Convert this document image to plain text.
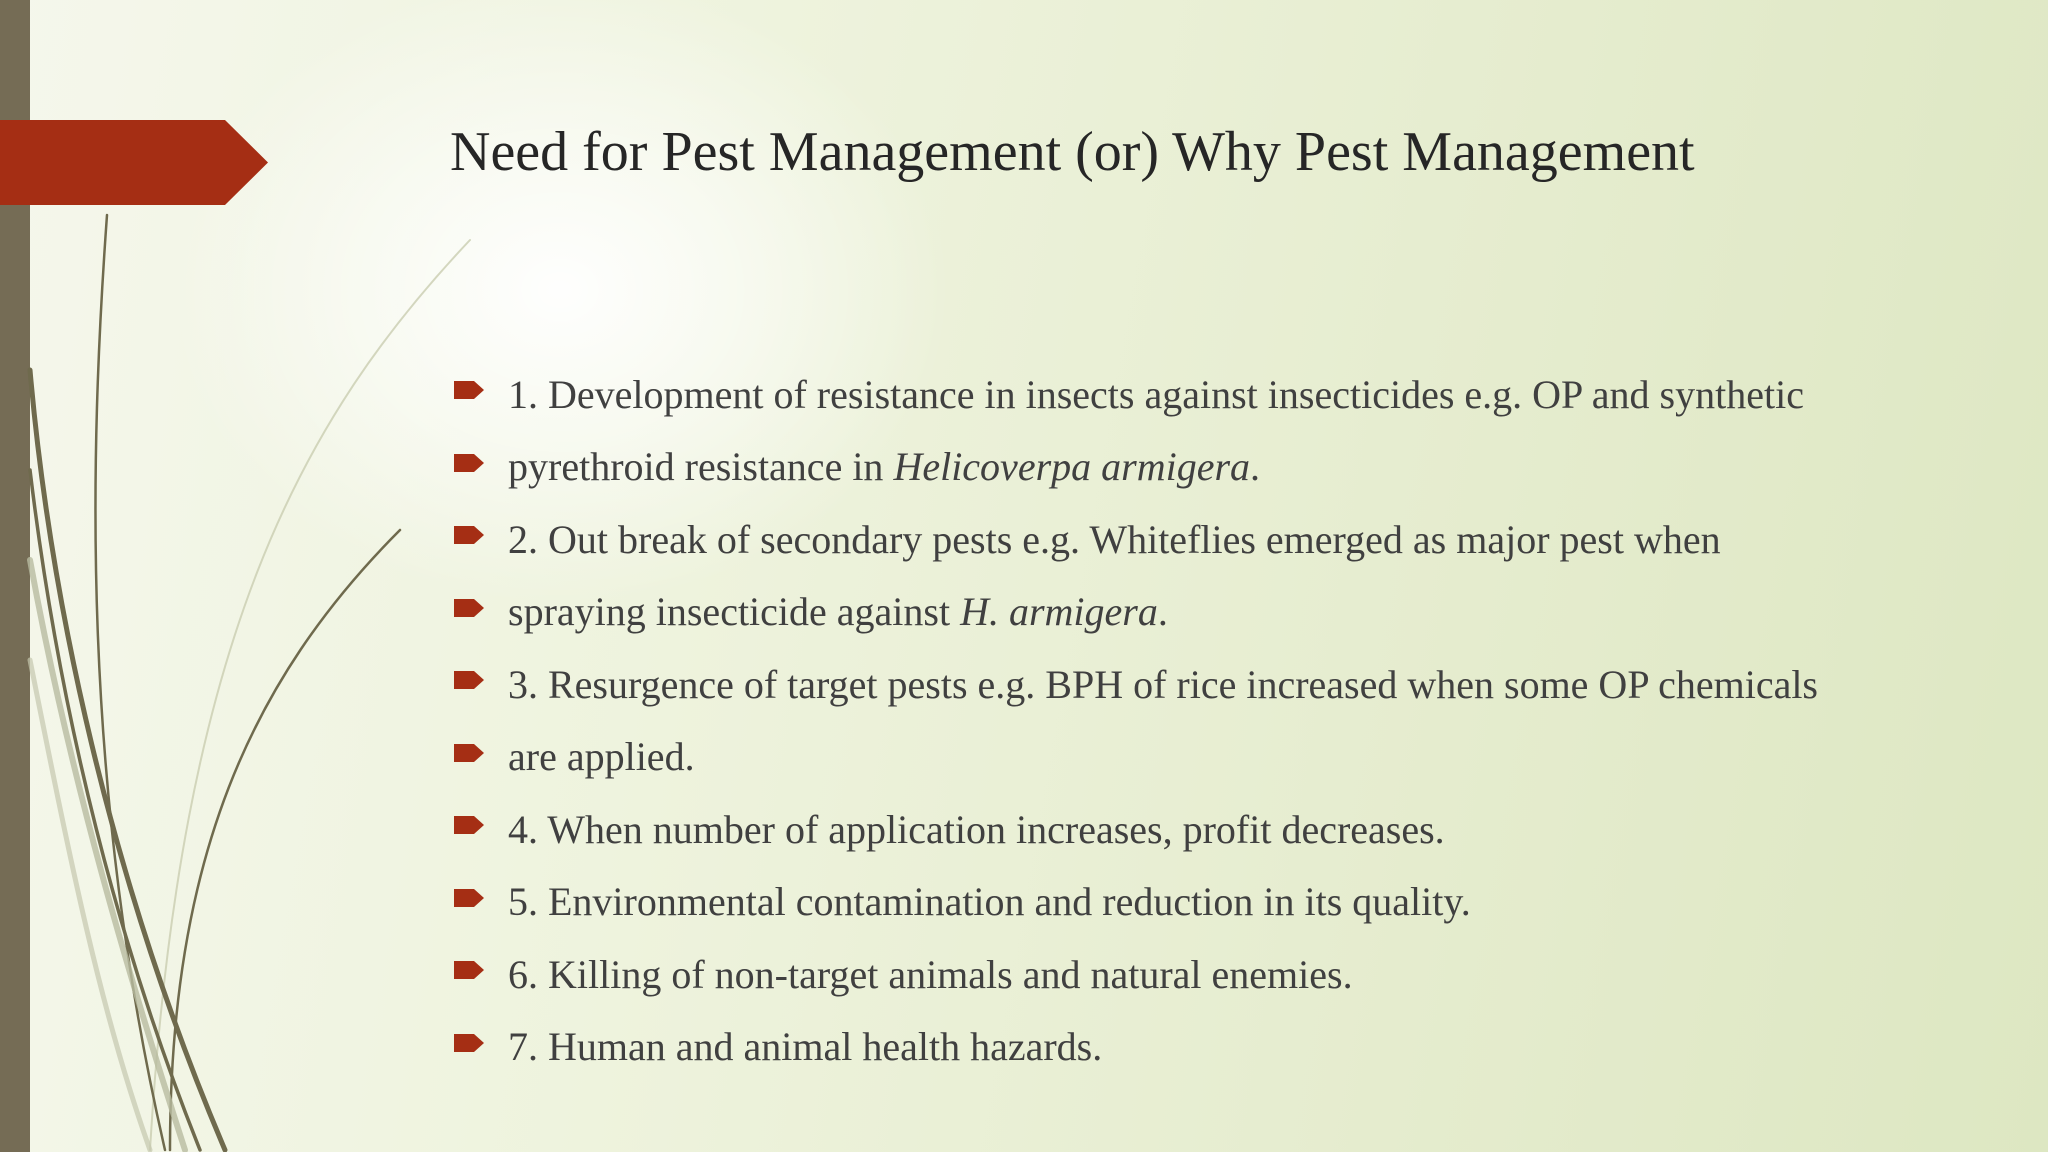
Need for Pest Management (or) Why Pest Management
1. Development of resistance in insects against insecticides e.g. OP and synthetic
pyrethroid resistance in Helicoverpa armigera.
2. Out break of secondary pests e.g. Whiteflies emerged as major pest when
spraying insecticide against H. armigera.
3. Resurgence of target pests e.g. BPH of rice increased when some OP chemicals
are applied.
4. When number of application increases, profit decreases.
5. Environmental contamination and reduction in its quality.
6. Killing of non-target animals and natural enemies.
7. Human and animal health hazards.
